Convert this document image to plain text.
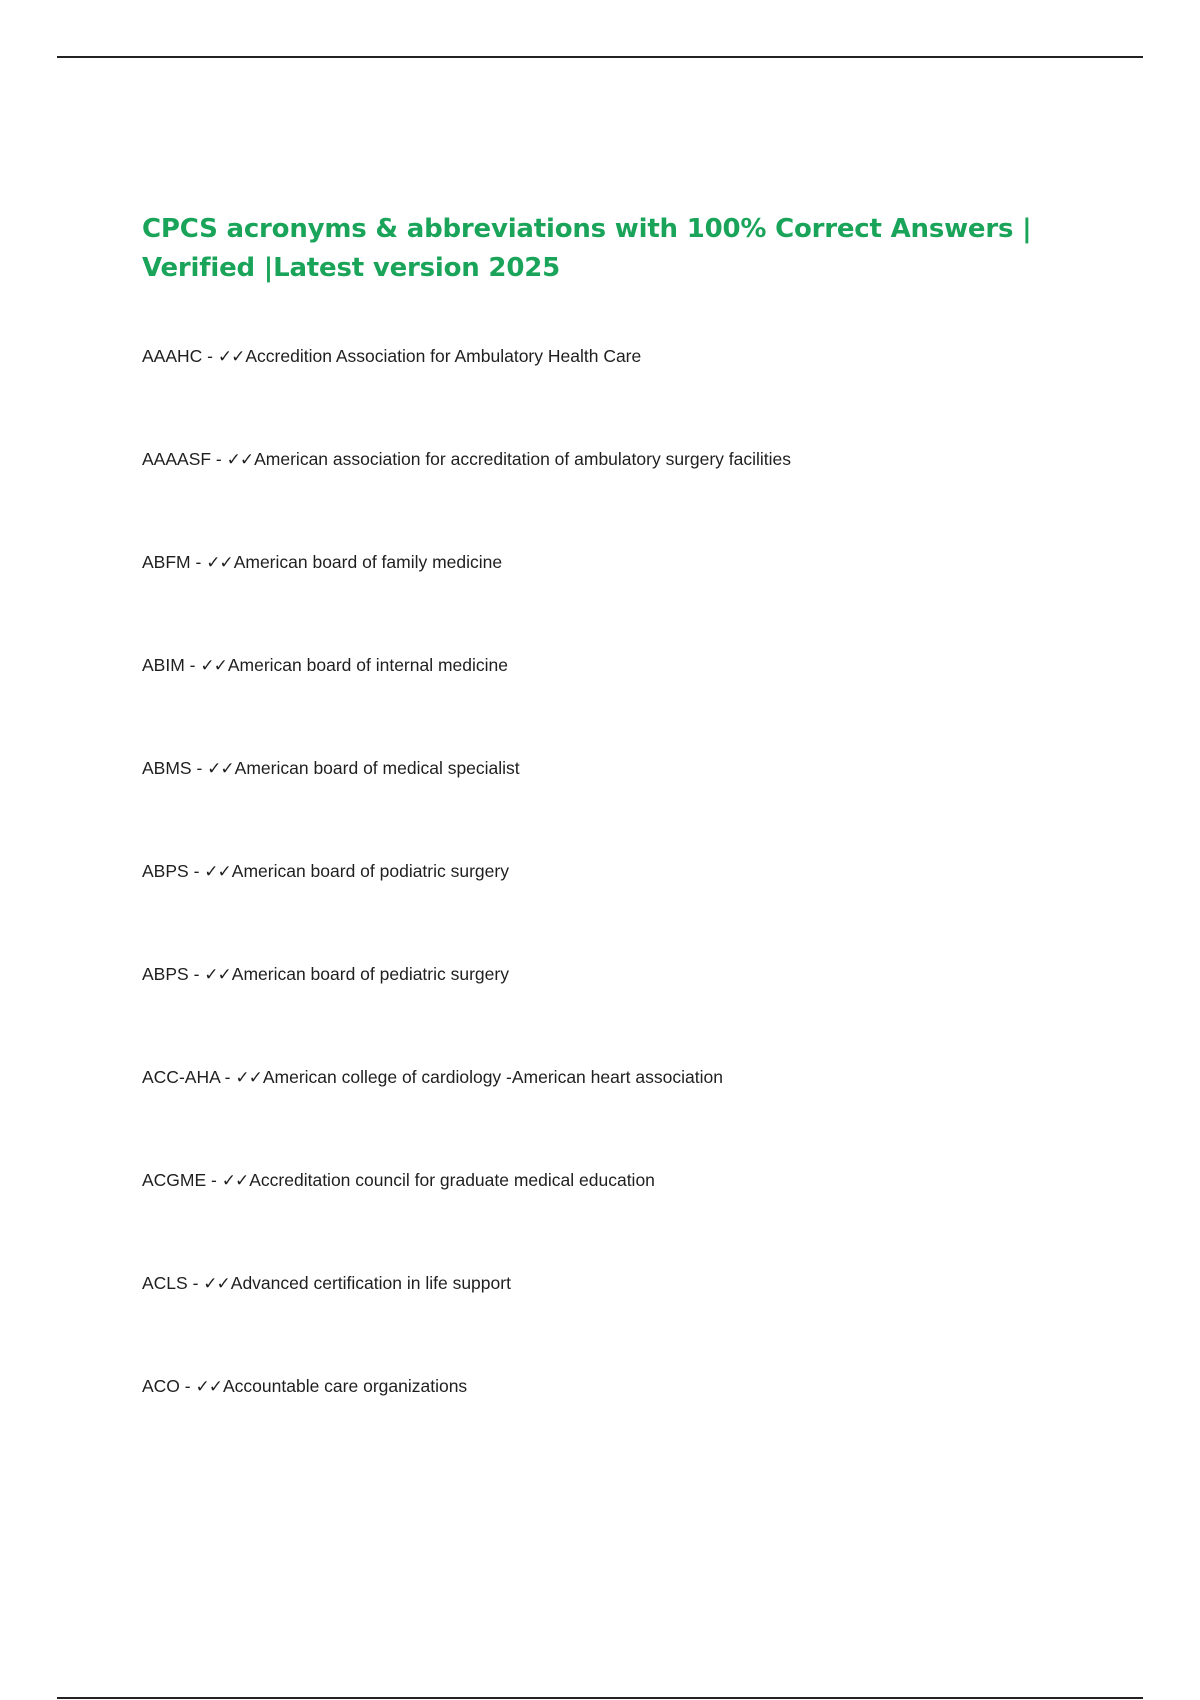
CPCS acronyms & abbreviations with 100% Correct Answers | Verified |Latest version 2025
AAAHC - ✓✓Accredition Association for Ambulatory Health Care
AAAASF - ✓✓American association for accreditation of ambulatory surgery facilities
ABFM - ✓✓American board of family medicine
ABIM - ✓✓American board of internal medicine
ABMS - ✓✓American board of medical specialist
ABPS - ✓✓American board of podiatric surgery
ABPS - ✓✓American board of pediatric surgery
ACC-AHA - ✓✓American college of cardiology -American heart association
ACGME - ✓✓Accreditation council for graduate medical education
ACLS - ✓✓Advanced certification in life support
ACO - ✓✓Accountable care organizations
